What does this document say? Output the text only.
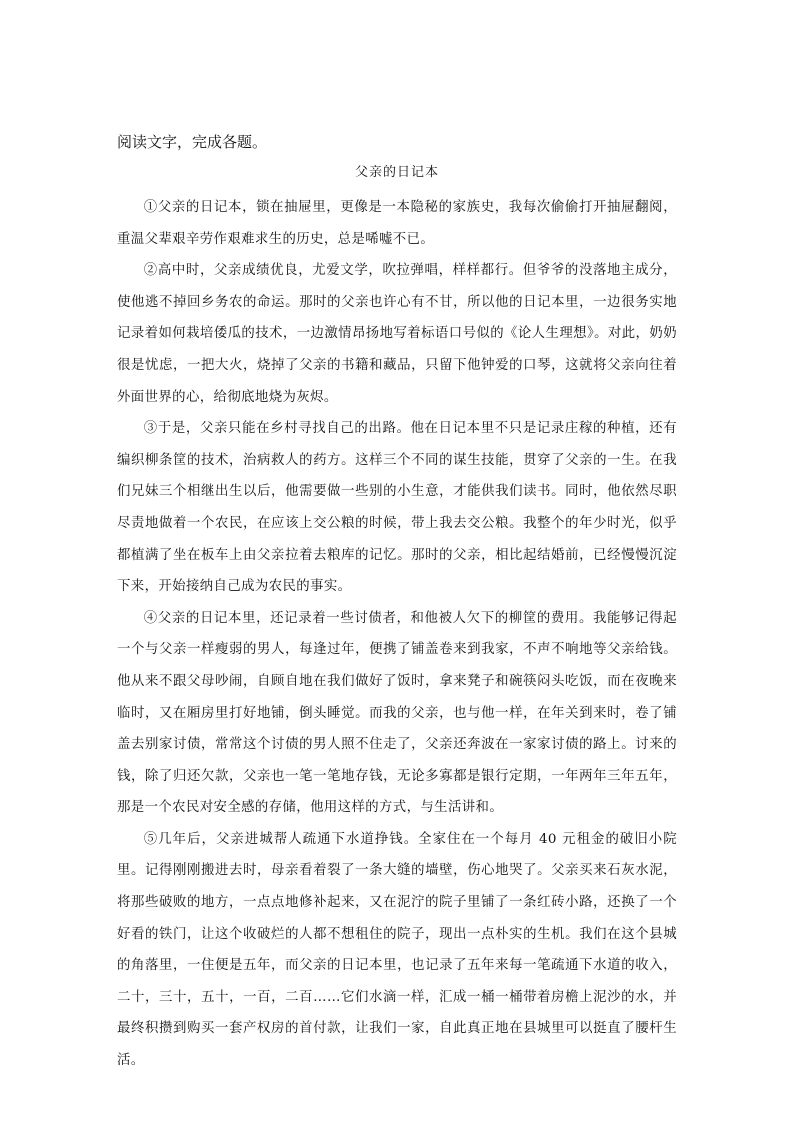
阅读文字，完成各题。
父亲的日记本

①父亲的日记本，锁在抽屉里，更像是一本隐秘的家族史，我每次偷偷打开抽屉翻阅，重温父辈艰辛劳作艰难求生的历史，总是唏嘘不已。

②高中时，父亲成绩优良，尤爱文学，吹拉弹唱，样样都行。但爷爷的没落地主成分，使他逃不掉回乡务农的命运。那时的父亲也许心有不甘，所以他的日记本里，一边很务实地记录着如何栽培倭瓜的技术，一边激情昂扬地写着标语口号似的《论人生理想》。对此，奶奶很是忧虑，一把大火，烧掉了父亲的书籍和藏品，只留下他钟爱的口琴，这就将父亲向往着外面世界的心，给彻底地烧为灰烬。

③于是，父亲只能在乡村寻找自己的出路。他在日记本里不只是记录庄稼的种植，还有编织柳条筐的技术，治病救人的药方。这样三个不同的谋生技能，贯穿了父亲的一生。在我们兄妹三个相继出生以后，他需要做一些别的小生意，才能供我们读书。同时，他依然尽职尽责地做着一个农民，在应该上交公粮的时候，带上我去交公粮。我整个的年少时光，似乎都植满了坐在板车上由父亲拉着去粮库的记忆。那时的父亲，相比起结婚前，已经慢慢沉淀下来，开始接纳自己成为农民的事实。

④父亲的日记本里，还记录着一些讨债者，和他被人欠下的柳筐的费用。我能够记得起一个与父亲一样瘦弱的男人，每逢过年，便携了铺盖卷来到我家，不声不响地等父亲给钱。他从来不跟父母吵闹，自顾自地在我们做好了饭时，拿来凳子和碗筷闷头吃饭，而在夜晚来临时，又在厢房里打好地铺，倒头睡觉。而我的父亲，也与他一样，在年关到来时，卷了铺盖去别家讨债，常常这个讨债的男人照不住走了，父亲还奔波在一家家讨债的路上。讨来的钱，除了归还欠款，父亲也一笔一笔地存钱，无论多寡都是银行定期，一年两年三年五年，那是一个农民对安全感的存储，他用这样的方式，与生活讲和。

⑤几年后，父亲进城帮人疏通下水道挣钱。全家住在一个每月 40 元租金的破旧小院里。记得刚刚搬进去时，母亲看着裂了一条大缝的墙壁，伤心地哭了。父亲买来石灰水泥，将那些破败的地方，一点点地修补起来，又在泥泞的院子里铺了一条红砖小路，还换了一个好看的铁门，让这个收破烂的人都不想租住的院子，现出一点朴实的生机。我们在这个县城的角落里，一住便是五年，而父亲的日记本里，也记录了五年来每一笔疏通下水道的收入，二十，三十，五十，一百，二百……它们水滴一样，汇成一桶一桶带着房檐上泥沙的水，并最终积攒到购买一套产权房的首付款，让我们一家，自此真正地在县城里可以挺直了腰杆生活。
